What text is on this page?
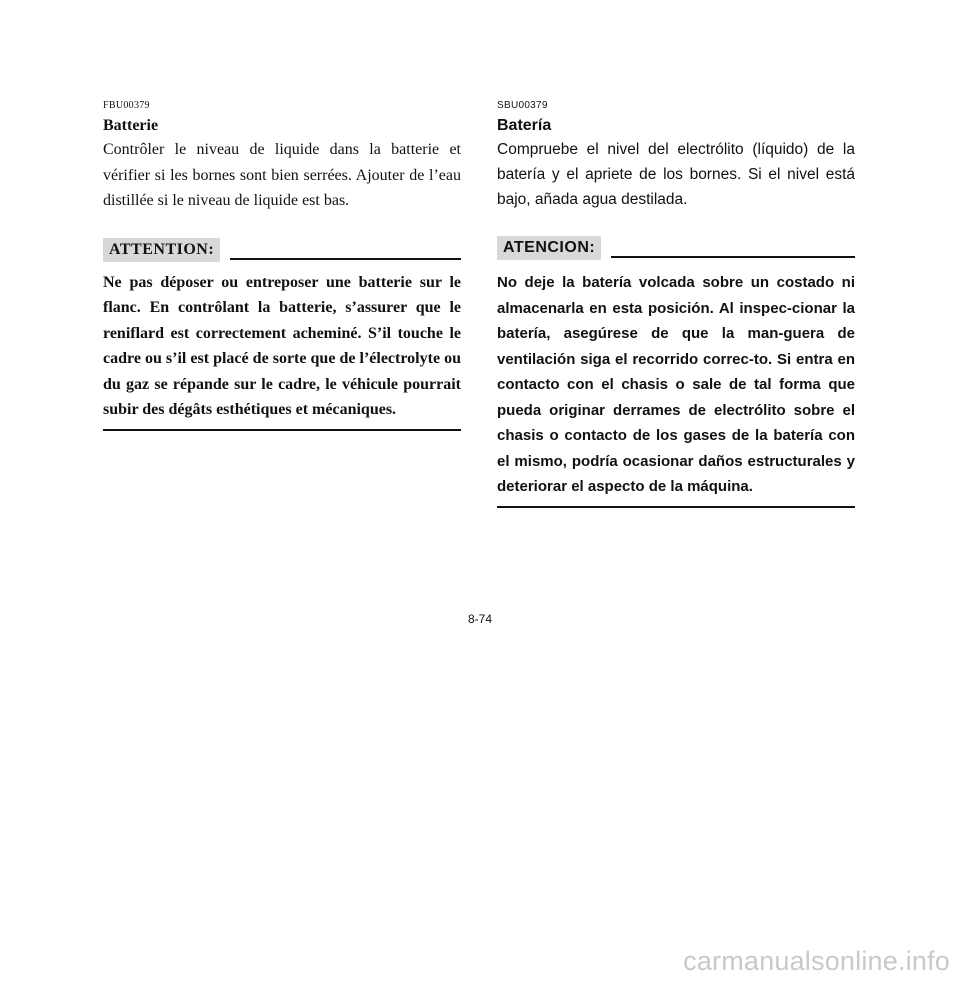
FBU00379

Batterie

Contrôler le niveau de liquide dans la batterie et vérifier si les bornes sont bien serrées. Ajouter de l’eau distillée si le niveau de liquide est bas.

ATTENTION:

Ne pas déposer ou entreposer une batterie sur le flanc. En contrôlant la batterie, s’assurer que le reniflard est correctement acheminé. S’il touche le cadre ou s’il est placé de sorte que de l’électrolyte ou du gaz se répande sur le cadre, le véhicule pourrait subir des dégâts esthétiques et mécaniques.

SBU00379

Batería

Compruebe el nivel del electrólito (líquido) de la batería y el apriete de los bornes. Si el nivel está bajo, añada agua destilada.

ATENCION:

No deje la batería volcada sobre un costado ni almacenarla en esta posición. Al inspec-cionar la batería, asegúrese de que la man-guera de ventilación siga el recorrido correc-to. Si entra en contacto con el chasis o sale de tal forma que pueda originar derrames de electrólito sobre el chasis o contacto de los gases de la batería con el mismo, podría ocasionar daños estructurales y deteriorar el aspecto de la máquina.

8-74
carmanualsonline.info
